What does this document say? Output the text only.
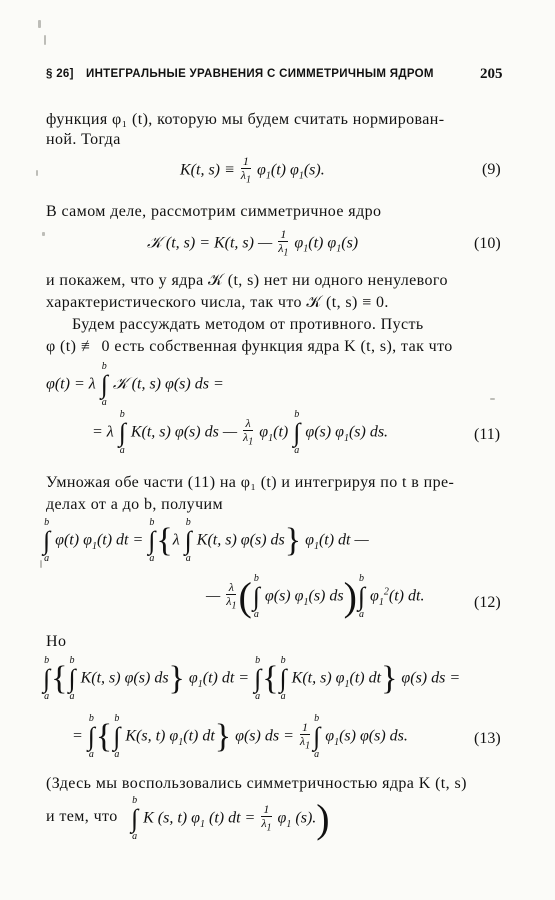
§ 26] ИНТЕГРАЛЬНЫЕ УРАВНЕНИЯ С СИММЕТРИЧНЫМ ЯДРОМ	205
функция φ₁ (t), которую мы будем считать нормирован-
ной. Тогда
K(t, $s) \equiv \frac{1}{\lambda_1} \varphi_1(t)$ $\varphi_1(s)$.	(9)
В самом деле, рассмотрим симметричное ядро
𝒦 (t, s) = K(t, s) — $\frac{1}{\lambda_1} \varphi_1(t)$ $\varphi_1(s)$	(10)
и покажем, что у ядра 𝒦 (t, s) нет ни одного ненулевого
характеристического числа, так что 𝒦 (t, s) ≡ 0.
Будем рассуждать методом от противного. Пусть
φ (t) ≢ 0 есть собственная функция ядра K (t, s), так что
φ(t) = λ
b
∫
a
𝒦 (t, s) φ(s) ds =
= λ
b
∫
a
K(t, s) φ(s) ds — $\frac{\lambda}{\lambda_1} \varphi_1(t)$
b
∫
a
φ(s) $\varphi_1(s)$ ds.	(11)
Умножая обе части (11) на φ₁ (t) и интегрируя по t в пре-
делах от a до b, получим
b
∫
a
φ(t) $\varphi_1(t)$ dt =
b
∫
a {λ
b
∫
a
K(t, s) φ(s) ds} $\varphi_1(t)$ dt —
— $\frac{\lambda}{\lambda_1}$ ( b
∫
a
φ(s) $\varphi_1(s)$ ds) b
∫
a
$\varphi_1^2(t)$ dt.	(12)
Но
b
∫
a { b
∫
a
K(t, s) φ(s) ds} $\varphi_1(t)$ dt =
b
∫
a { b
∫
a
K(t, s) $\varphi_1(t)$ dt} φ(s) ds =
=
b
∫
a { b
∫
a
K(s, t) $\varphi_1(t)$ dt} φ(s) ds = $\frac{1}{\lambda_1}$
b
∫
a
$\varphi_1(s)$ φ(s) ds.	(13)
(Здесь мы воспользовались симметричностью ядра K (t, s)
и тем, что
b
∫
a
K (s, t) $\varphi_1$ (t) dt = $\frac{1}{\lambda_1} \varphi_1$ (s).)
